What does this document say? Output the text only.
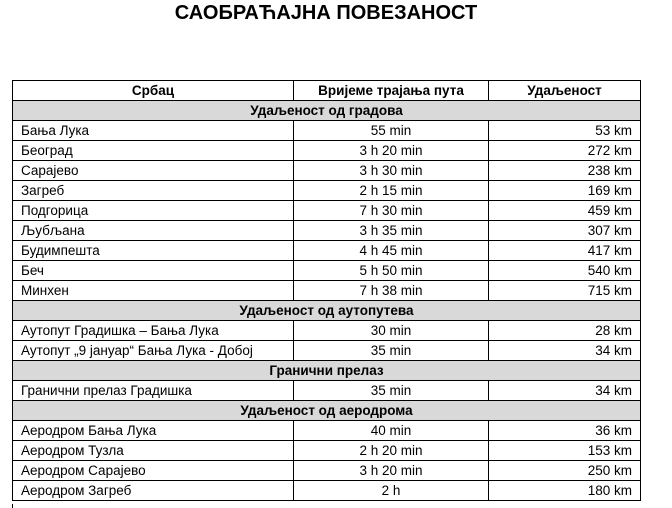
САОБРАЋАЈНА ПОВЕЗАНОСТ
Србац	Вријеме трајања пута	Удаљеност
Удаљеност од градова		
Бања Лука	55 min	53 km
Београд	3 h 20 min	272 km
Сарајево	3 h 30 min	238 km
Загреб	2 h 15 min	169 km
Подгорица	7 h 30 min	459 km
Љубљана	3 h 35 min	307 km
Будимпешта	4 h 45 min	417 km
Беч	5 h 50 min	540 km
Минхен	7 h 38 min	715 km
Удаљеност од аутопутева		
Аутопут Градишка – Бања Лука	30 min	28 km
Аутопут „9 јануар“ Бања Лука - Добој	35 min	34 km
Гранични прелаз		
Гранични прелаз Градишка	35 min	34 km
Удаљеност од аеродрома		
Аеродром Бања Лука	40 min	36 km
Аеродром Тузла	2 h 20 min	153 km
Аеродром Сарајево	3 h 20 min	250 km
Аеродром Загреб	2 h	180 km
